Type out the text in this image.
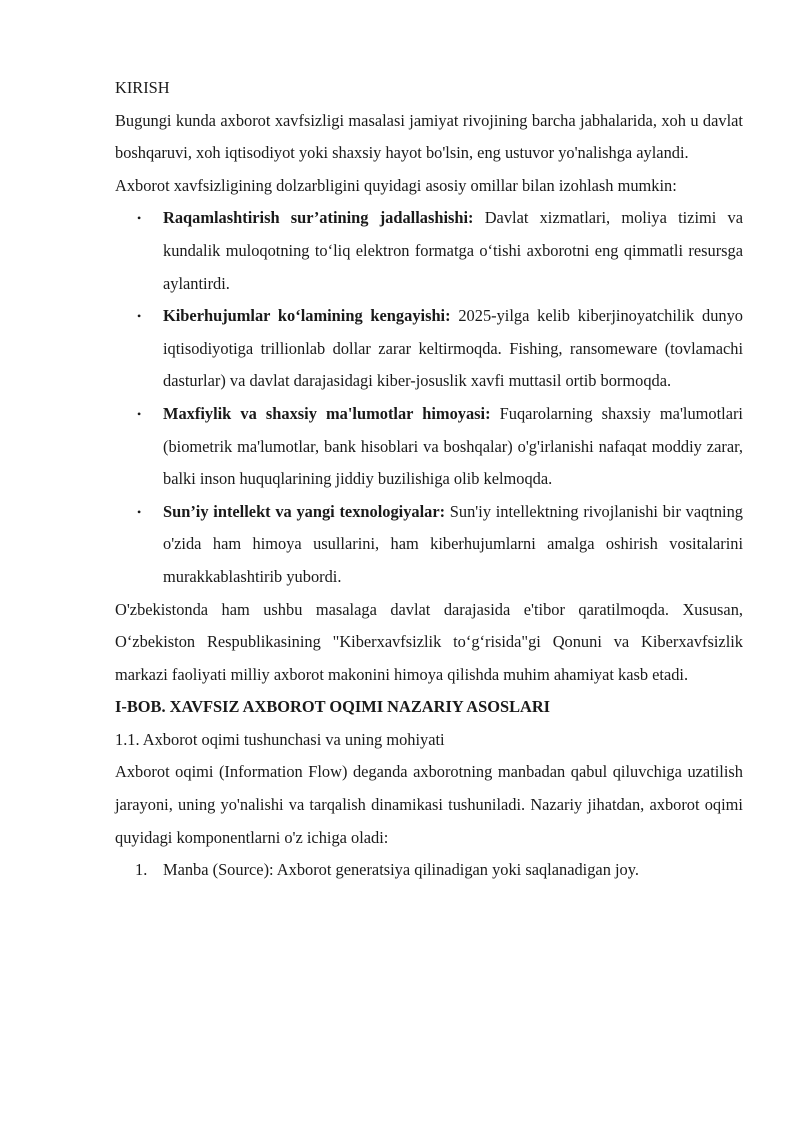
KIRISH

Bugungi kunda axborot xavfsizligi masalasi jamiyat rivojining barcha jabhalarida, xoh u davlat boshqaruvi, xoh iqtisodiyot yoki shaxsiy hayot bo'lsin, eng ustuvor yo'nalishga aylandi.

Axborot xavfsizligining dolzarbligini quyidagi asosiy omillar bilan izohlash mumkin:

• Raqamlashtirish sur’atining jadallashishi: Davlat xizmatlari, moliya tizimi va kundalik muloqotning to‘liq elektron formatga o‘tishi axborotni eng qimmatli resursga aylantirdi.
• Kiberhujumlar ko‘lamining kengayishi: 2025-yilga kelib kiberjinoyatchilik dunyo iqtisodiyotiga trillionlab dollar zarar keltirmoqda. Fishing, ransomeware (tovlamachi dasturlar) va davlat darajasidagi kiber-josuslik xavfi muttasil ortib bormoqda.
• Maxfiylik va shaxsiy ma'lumotlar himoyasi: Fuqarolarning shaxsiy ma'lumotlari (biometrik ma'lumotlar, bank hisoblari va boshqalar) o'g'irlanishi nafaqat moddiy zarar, balki inson huquqlarining jiddiy buzilishiga olib kelmoqda.
• Sun’iy intellekt va yangi texnologiyalar: Sun'iy intellektning rivojlanishi bir vaqtning o'zida ham himoya usullarini, ham kiberhujumlarni amalga oshirish vositalarini murakkablashtirib yubordi.

O'zbekistonda ham ushbu masalaga davlat darajasida e'tibor qaratilmoqda. Xususan, O‘zbekiston Respublikasining "Kiberxavfsizlik to‘g‘risida"gi Qonuni va Kiberxavfsizlik markazi faoliyati milliy axborot makonini himoya qilishda muhim ahamiyat kasb etadi.

I-BOB. XAVFSIZ AXBOROT OQIMI NAZARIY ASOSLARI

1.1. Axborot oqimi tushunchasi va uning mohiyati

Axborot oqimi (Information Flow) deganda axborotning manbadan qabul qiluvchiga uzatilish jarayoni, uning yo'nalishi va tarqalish dinamikasi tushuniladi. Nazariy jihatdan, axborot oqimi quyidagi komponentlarni o'z ichiga oladi:

1. Manba (Source): Axborot generatsiya qilinadigan yoki saqlanadigan joy.
